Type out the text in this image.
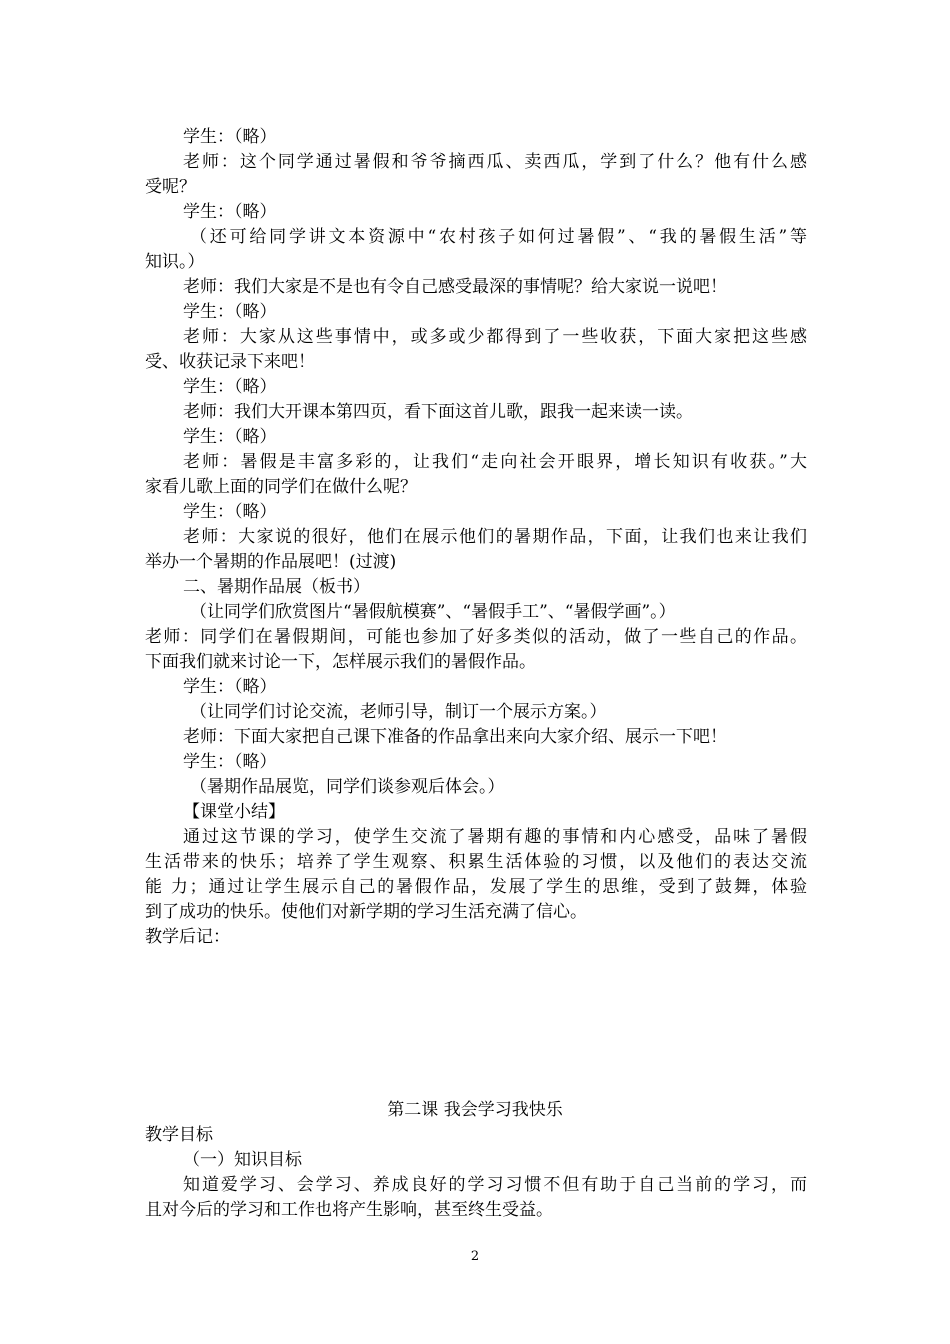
学生：（略）
老师：这个同学通过暑假和爷爷摘西瓜、卖西瓜，学到了什么？他有什么感
受呢？
学生：（略）
（还可给同学讲文本资源中“农村孩子如何过暑假”、“我的暑假生活”等
知识。）
老师：我们大家是不是也有令自己感受最深的事情呢？给大家说一说吧！
学生：（略）
老师：大家从这些事情中，或多或少都得到了一些收获，下面大家把这些感
受、收获记录下来吧！
学生：（略）
老师：我们大开课本第四页，看下面这首儿歌，跟我一起来读一读。
学生：（略）
老师：暑假是丰富多彩的，让我们“走向社会开眼界，增长知识有收获。”大
家看儿歌上面的同学们在做什么呢？
学生：（略）
老师：大家说的很好，他们在展示他们的暑期作品，下面，让我们也来让我们
举办一个暑期的作品展吧！(过渡)
二、暑期作品展（板书）
（让同学们欣赏图片“暑假航模赛”、“暑假手工”、“暑假学画”。）
老师：同学们在暑假期间，可能也参加了好多类似的活动，做了一些自己的作品。
下面我们就来讨论一下，怎样展示我们的暑假作品。
学生：（略）
（让同学们讨论交流，老师引导，制订一个展示方案。）
老师：下面大家把自己课下准备的作品拿出来向大家介绍、展示一下吧！
学生：（略）
（暑期作品展览，同学们谈参观后体会。）
【课堂小结】
通过这节课的学习，使学生交流了暑期有趣的事情和内心感受，品味了暑假
生活带来的快乐；培养了学生观察、积累生活体验的习惯，以及他们的表达交流
能 力；通过让学生展示自己的暑假作品，发展了学生的思维，受到了鼓舞，体验
到了成功的快乐。使他们对新学期的学习生活充满了信心。
教学后记：
第二课 我会学习我快乐
教学目标
（一）知识目标
知道爱学习、会学习、养成良好的学习习惯不但有助于自己当前的学习，而
且对今后的学习和工作也将产生影响，甚至终生受益。
2
